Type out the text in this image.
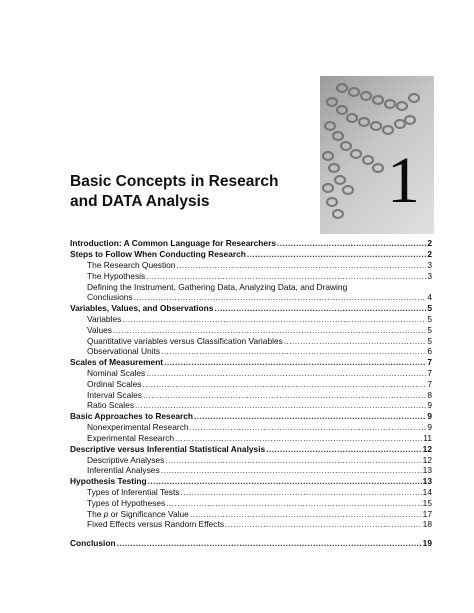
1
Basic Concepts in Research
and DATA Analysis
Introduction: A Common Language for Researchers .....	2
Steps to Follow When Conducting Research .....	2
The Research Question .....	3
The Hypothesis .....	3
Defining the Instrument, Gathering Data, Analyzing Data, and Drawing
Conclusions .....	4
Variables, Values, and Observations .....	5
Variables .....	5
Values .....	5
Quantitative variables versus Classification Variables .....	5
Observational Units .....	6
Scales of Measurement .....	7
Nominal Scales .....	7
Ordinal Scales .....	7
Interval Scales .....	8
Ratio Scales .....	9
Basic Approaches to Research .....	9
Nonexperimental Research .....	9
Experimental Research .....	11
Descriptive versus Inferential Statistical Analysis .....	12
Descriptive Analyses .....	12
Inferential Analyses .....	13
Hypothesis Testing .....	13
Types of Inferential Tests .....	14
Types of Hypotheses .....	15
The p or Significance Value .....	17
Fixed Effects versus Random Effects .....	18
Conclusion .....	19
